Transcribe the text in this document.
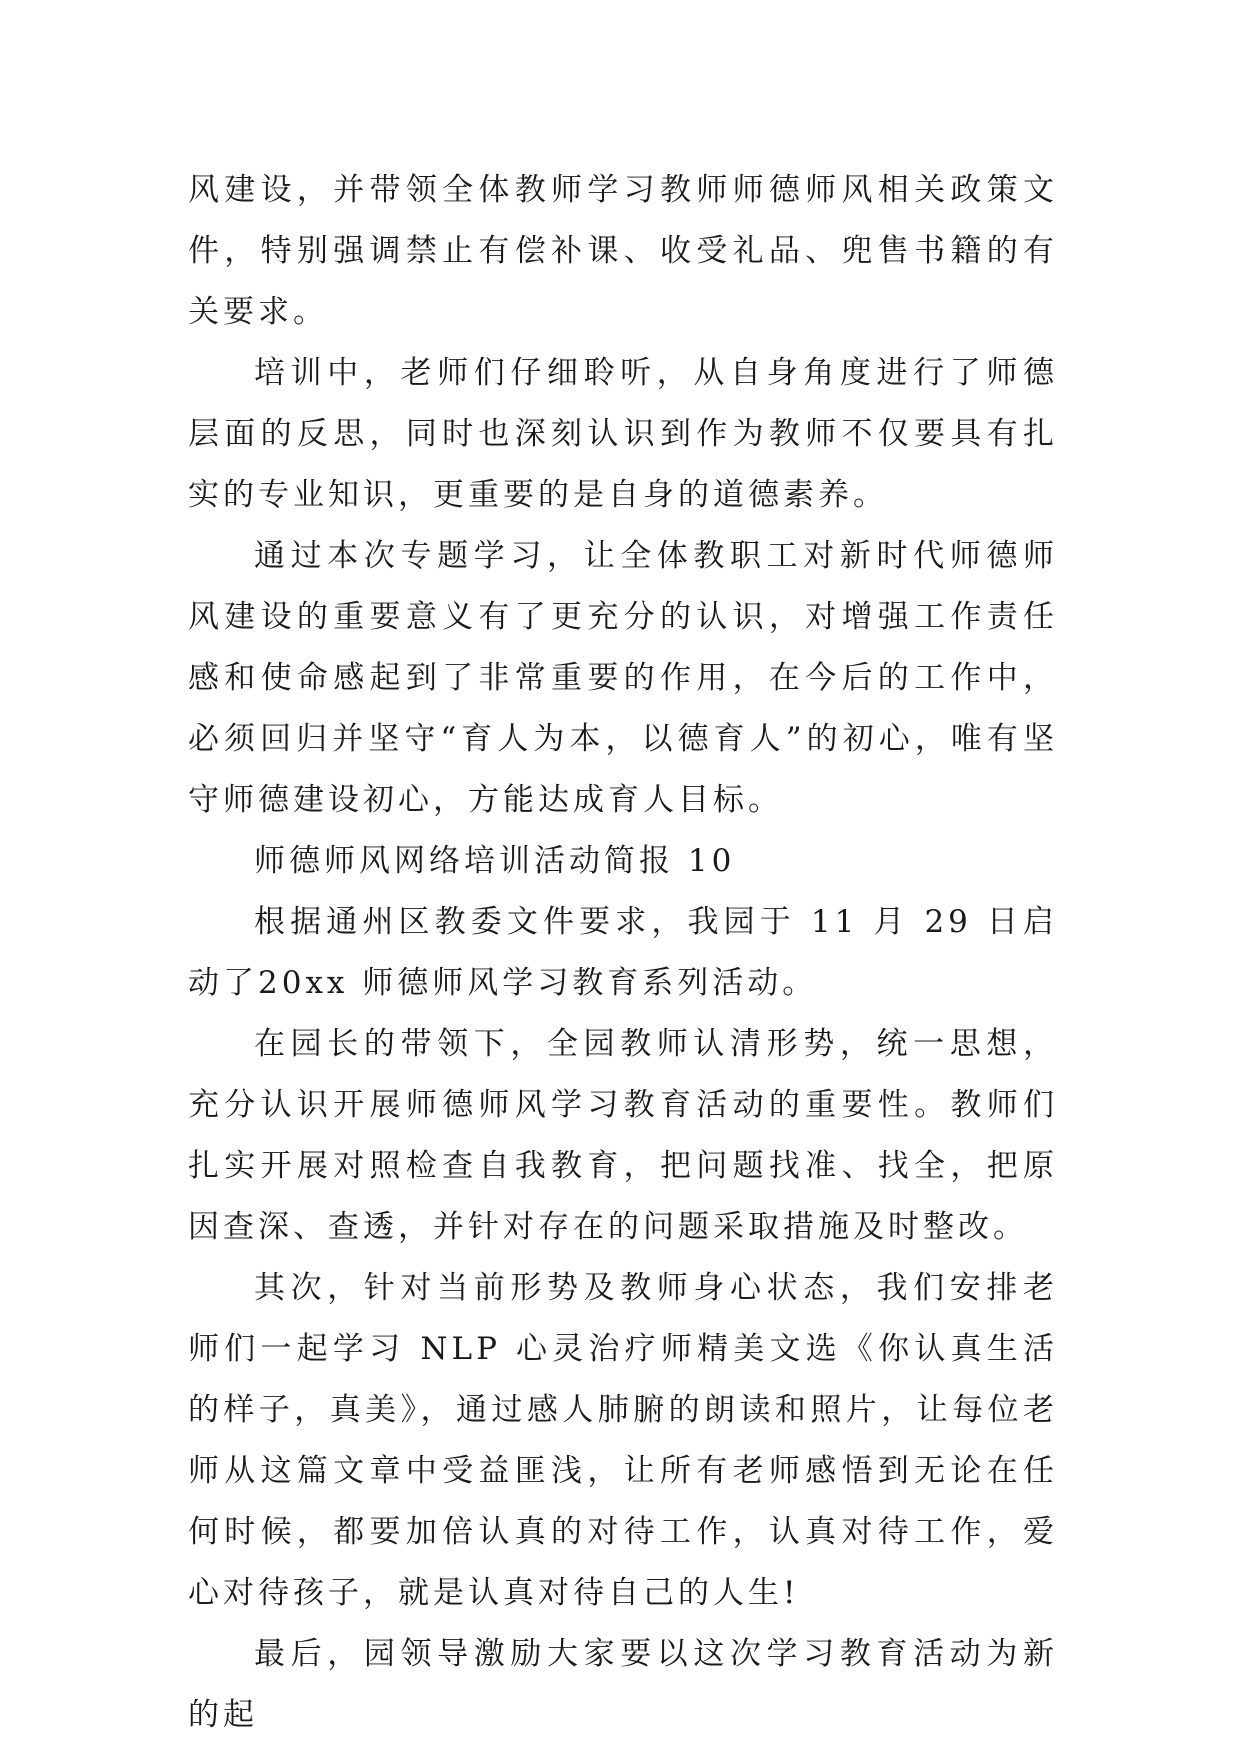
风建设，并带领全体教师学习教师师德师风相关政策文件，特别强调禁止有偿补课、收受礼品、兜售书籍的有关要求。

培训中，老师们仔细聆听，从自身角度进行了师德层面的反思，同时也深刻认识到作为教师不仅要具有扎实的专业知识，更重要的是自身的道德素养。

通过本次专题学习，让全体教职工对新时代师德师风建设的重要意义有了更充分的认识，对增强工作责任感和使命感起到了非常重要的作用，在今后的工作中，必须回归并坚守“育人为本，以德育人”的初心，唯有坚守师德建设初心，方能达成育人目标。

师德师风网络培训活动简报 10

根据通州区教委文件要求，我园于 11 月 29 日启动了20xx 师德师风学习教育系列活动。

在园长的带领下，全园教师认清形势，统一思想，充分认识开展师德师风学习教育活动的重要性。教师们扎实开展对照检查自我教育，把问题找准、找全，把原因查深、查透，并针对存在的问题采取措施及时整改。

其次，针对当前形势及教师身心状态，我们安排老师们一起学习 NLP 心灵治疗师精美文选《你认真生活的样子，真美》，通过感人肺腑的朗读和照片，让每位老师从这篇文章中受益匪浅，让所有老师感悟到无论在任何时候，都要加倍认真的对待工作，认真对待工作，爱心对待孩子，就是认真对待自己的人生!

最后，园领导激励大家要以这次学习教育活动为新的起
